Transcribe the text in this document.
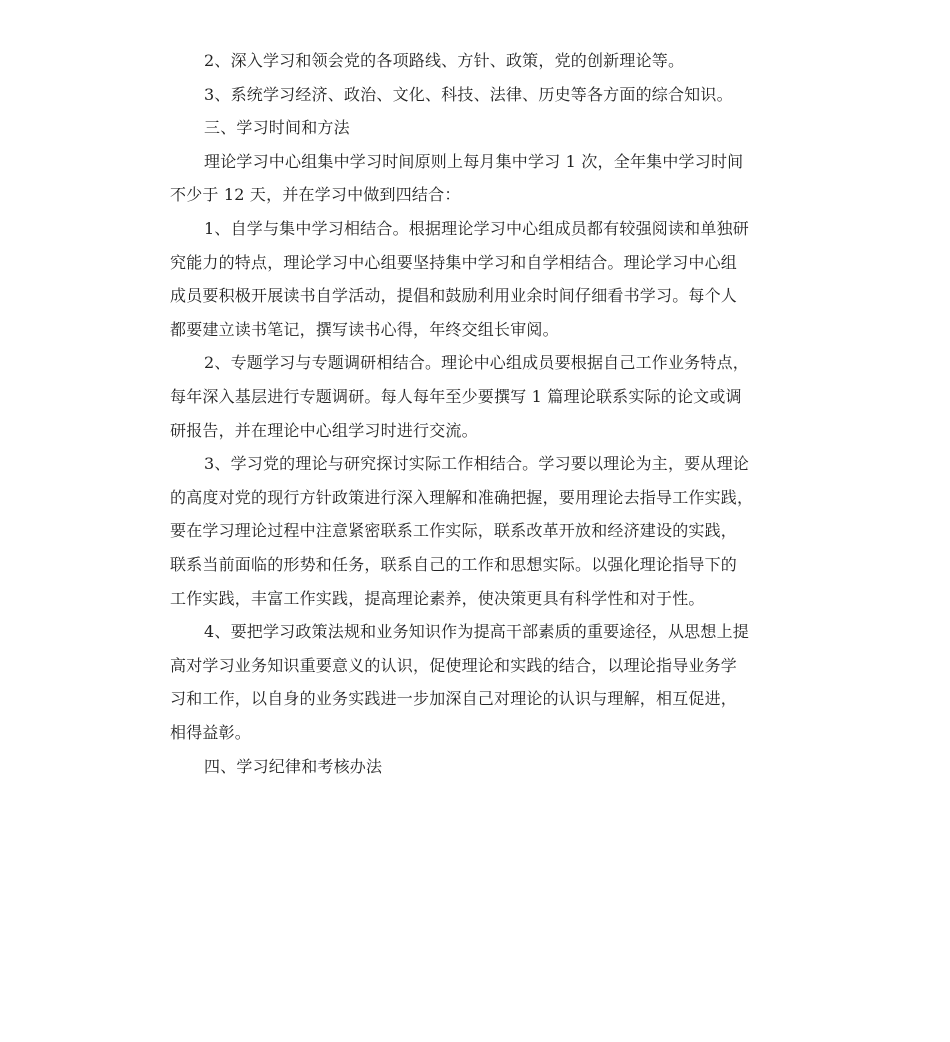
2、深入学习和领会党的各项路线、方针、政策，党的创新理论等。
3、系统学习经济、政治、文化、科技、法律、历史等各方面的综合知识。
三、学习时间和方法
理论学习中心组集中学习时间原则上每月集中学习 1 次，全年集中学习时间
不少于 12 天，并在学习中做到四结合：
1、自学与集中学习相结合。根据理论学习中心组成员都有较强阅读和单独研
究能力的特点，理论学习中心组要坚持集中学习和自学相结合。理论学习中心组
成员要积极开展读书自学活动，提倡和鼓励利用业余时间仔细看书学习。每个人
都要建立读书笔记，撰写读书心得，年终交组长审阅。
2、专题学习与专题调研相结合。理论中心组成员要根据自己工作业务特点，
每年深入基层进行专题调研。每人每年至少要撰写 1 篇理论联系实际的论文或调
研报告，并在理论中心组学习时进行交流。
3、学习党的理论与研究探讨实际工作相结合。学习要以理论为主，要从理论
的高度对党的现行方针政策进行深入理解和准确把握，要用理论去指导工作实践，
要在学习理论过程中注意紧密联系工作实际，联系改革开放和经济建设的实践，
联系当前面临的形势和任务，联系自己的工作和思想实际。以强化理论指导下的
工作实践，丰富工作实践，提高理论素养，使决策更具有科学性和对于性。
4、要把学习政策法规和业务知识作为提高干部素质的重要途径，从思想上提
高对学习业务知识重要意义的认识，促使理论和实践的结合，以理论指导业务学
习和工作，以自身的业务实践进一步加深自己对理论的认识与理解，相互促进，
相得益彰。
四、学习纪律和考核办法
